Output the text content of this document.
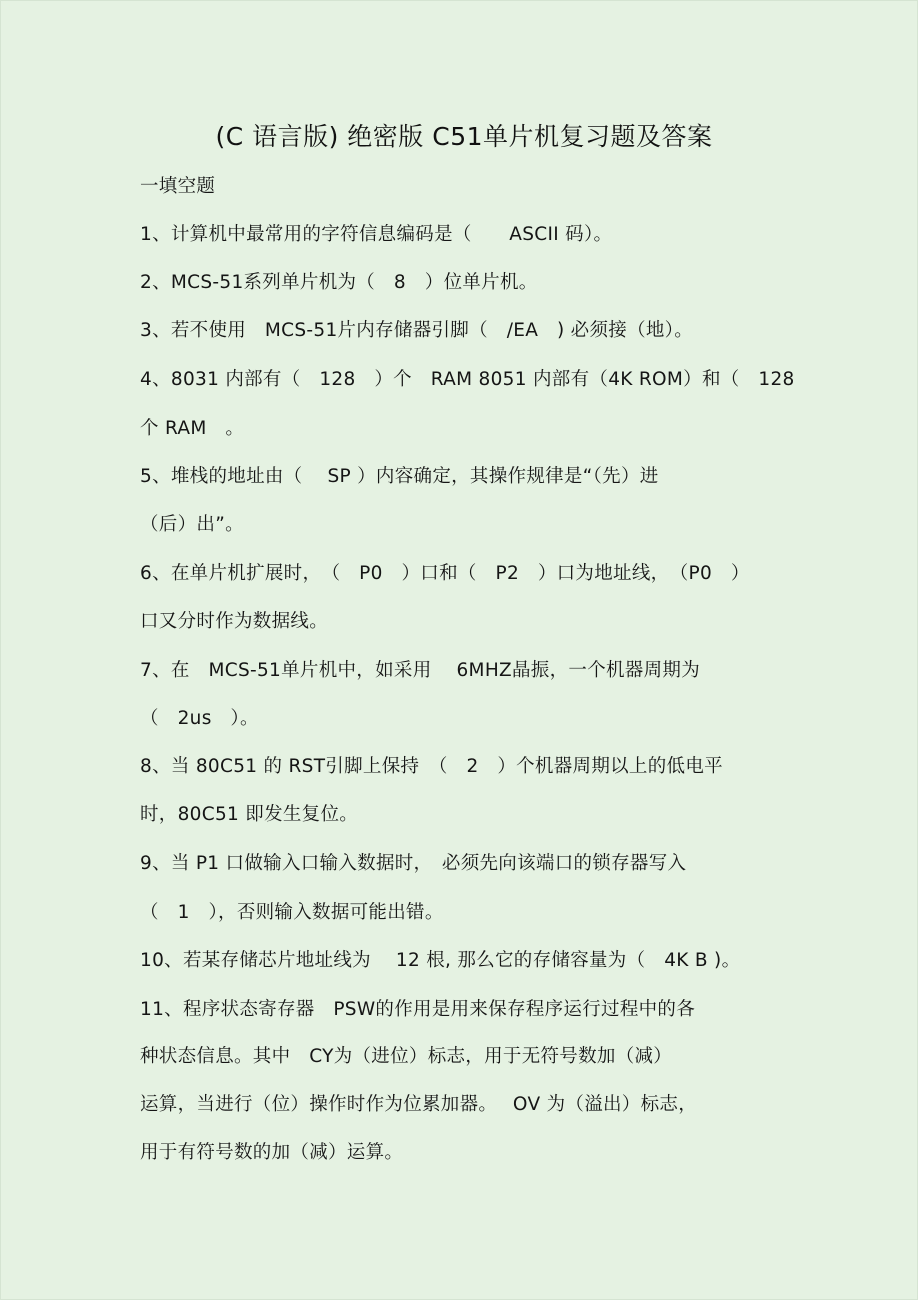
(C 语言版) 绝密版 C51单片机复习题及答案
一填空题
1、计算机中最常用的字符信息编码是（　　ASCII 码）。
2、MCS-51系列单片机为（　8　）位单片机。
3、若不使用　MCS-51片内存储器引脚（　/EA　) 必须接（地）。
4、8031 内部有（　128　）个　RAM 8051 内部有（4K ROM）和（　128
个 RAM　。
5、堆栈的地址由（　 SP ）内容确定，其操作规律是“（先）进
（后）出”。
6、在单片机扩展时，　（　P0　）口和（　P2　）口为地址线，　（P0　）
口又分时作为数据线。
7、在　MCS-51单片机中，如采用　 6MHZ晶振，一个机器周期为
（　2us　）。
8、当 80C51 的 RST引脚上保持　（　2　）个机器周期以上的低电平
时，80C51 即发生复位。
9、当 P1 口做输入口输入数据时，　必须先向该端口的锁存器写入
（　1　），否则输入数据可能出错。
10、若某存储芯片地址线为　 12 根, 那么它的存储容量为（　4K B )。
11、程序状态寄存器　PSW的作用是用来保存程序运行过程中的各
种状态信息。其中　CY为（进位）标志，用于无符号数加（减）
运算，当进行（位）操作时作为位累加器。　 OV 为（溢出）标志，
用于有符号数的加（减）运算。
